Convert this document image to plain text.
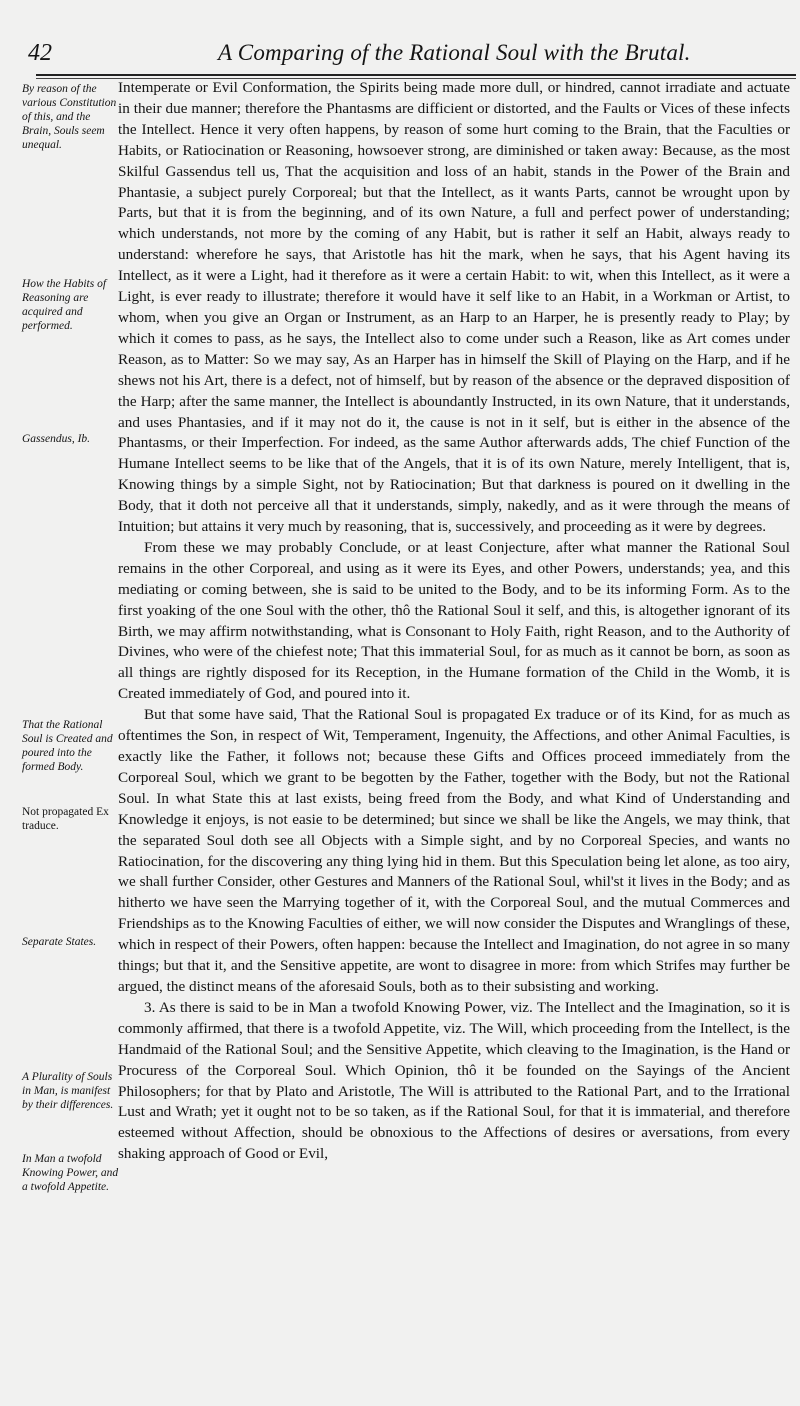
42	A Comparing of the Rational Soul with the Brutal.
By reason of the various Constitution of this, and the Brain, Souls seem unequal.
How the Habits of Reasoning are acquired and performed.
Gassendus, Ib.
That the Rational Soul is Created and poured into the formed Body.
Not propagated Ex traduce.
Separate States.
A Plurality of Souls in Man, is manifest by their differences.
In Man a twofold Knowing Power, and a twofold Appetite.

Intemperate or Evil Conformation, the Spirits being made more dull, or hindred, cannot irradiate and actuate in their due manner; therefore the Phantasms are difficient or distorted, and the Faults or Vices of these infects the Intellect. Hence it very often happens, by reason of some hurt coming to the Brain, that the Faculties or Habits, or Ratiocination or Reasoning, howsoever strong, are diminished or taken away: Because, as the most Skilful Gassendus tell us, That the acquisition and loss of an habit, stands in the Power of the Brain and Phantasie, a subject purely Corporeal; but that the Intellect, as it wants Parts, cannot be wrought upon by Parts, but that it is from the beginning, and of its own Nature, a full and perfect power of understanding; which understands, not more by the coming of any Habit, but is rather it self an Habit, always ready to understand: wherefore he says, that Aristotle has hit the mark, when he says, that his Agent having its Intellect, as it were a Light, had it therefore as it were a certain Habit: to wit, when this Intellect, as it were a Light, is ever ready to illustrate; therefore it would have it self like to an Habit, in a Workman or Artist, to whom, when you give an Organ or Instrument, as an Harp to an Harper, he is presently ready to Play; by which it comes to pass, as he says, the Intellect also to come under such a Reason, like as Art comes under Reason, as to Matter: So we may say, As an Harper has in himself the Skill of Playing on the Harp, and if he shews not his Art, there is a defect, not of himself, but by reason of the absence or the depraved disposition of the Harp; after the same manner, the Intellect is aboundantly Instructed, in its own Nature, that it understands, and uses Phantasies, and if it may not do it, the cause is not in it self, but is either in the absence of the Phantasms, or their Imperfection. For indeed, as the same Author afterwards adds, The chief Function of the Humane Intellect seems to be like that of the Angels, that it is of its own Nature, merely Intelligent, that is, Knowing things by a simple Sight, not by Ratiocination; But that darkness is poured on it dwelling in the Body, that it doth not perceive all that it understands, simply, nakedly, and as it were through the means of Intuition; but attains it very much by reasoning, that is, successively, and proceeding as it were by degrees.

From these we may probably Conclude, or at least Conjecture, after what manner the Rational Soul remains in the other Corporeal, and using as it were its Eyes, and other Powers, understands; yea, and this mediating or coming between, she is said to be united to the Body, and to be its informing Form. As to the first yoaking of the one Soul with the other, thô the Rational Soul it self, and this, is altogether ignorant of its Birth, we may affirm notwithstanding, what is Consonant to Holy Faith, right Reason, and to the Authority of Divines, who were of the chiefest note; That this immaterial Soul, for as much as it cannot be born, as soon as all things are rightly disposed for its Reception, in the Humane formation of the Child in the Womb, it is Created immediately of God, and poured into it.

But that some have said, That the Rational Soul is propagated Ex traduce or of its Kind, for as much as oftentimes the Son, in respect of Wit, Temperament, Ingenuity, the Affections, and other Animal Faculties, is exactly like the Father, it follows not; because these Gifts and Offices proceed immediately from the Corporeal Soul, which we grant to be begotten by the Father, together with the Body, but not the Rational Soul. In what State this at last exists, being freed from the Body, and what Kind of Understanding and Knowledge it enjoys, is not easie to be determined; but since we shall be like the Angels, we may think, that the separated Soul doth see all Objects with a Simple sight, and by no Corporeal Species, and wants no Ratiocination, for the discovering any thing lying hid in them. But this Speculation being let alone, as too airy, we shall further Consider, other Gestures and Manners of the Rational Soul, whil'st it lives in the Body; and as hitherto we have seen the Marrying together of it, with the Corporeal Soul, and the mutual Commerces and Friendships as to the Knowing Faculties of either, we will now consider the Disputes and Wranglings of these, which in respect of their Powers, often happen: because the Intellect and Imagination, do not agree in so many things; but that it, and the Sensitive appetite, are wont to disagree in more: from which Strifes may further be argued, the distinct means of the aforesaid Souls, both as to their subsisting and working.

3. As there is said to be in Man a twofold Knowing Power, viz. The Intellect and the Imagination, so it is commonly affirmed, that there is a twofold Appetite, viz. The Will, which proceeding from the Intellect, is the Handmaid of the Rational Soul; and the Sensitive Appetite, which cleaving to the Imagination, is the Hand or Procuress of the Corporeal Soul. Which Opinion, thô it be founded on the Sayings of the Ancient Philosophers; for that by Plato and Aristotle, The Will is attributed to the Rational Part, and to the Irrational Lust and Wrath; yet it ought not to be so taken, as if the Rational Soul, for that it is immaterial, and therefore esteemed without Affection, should be obnoxious to the Affections of desires or aversations, from every shaking approach of Good or Evil,
